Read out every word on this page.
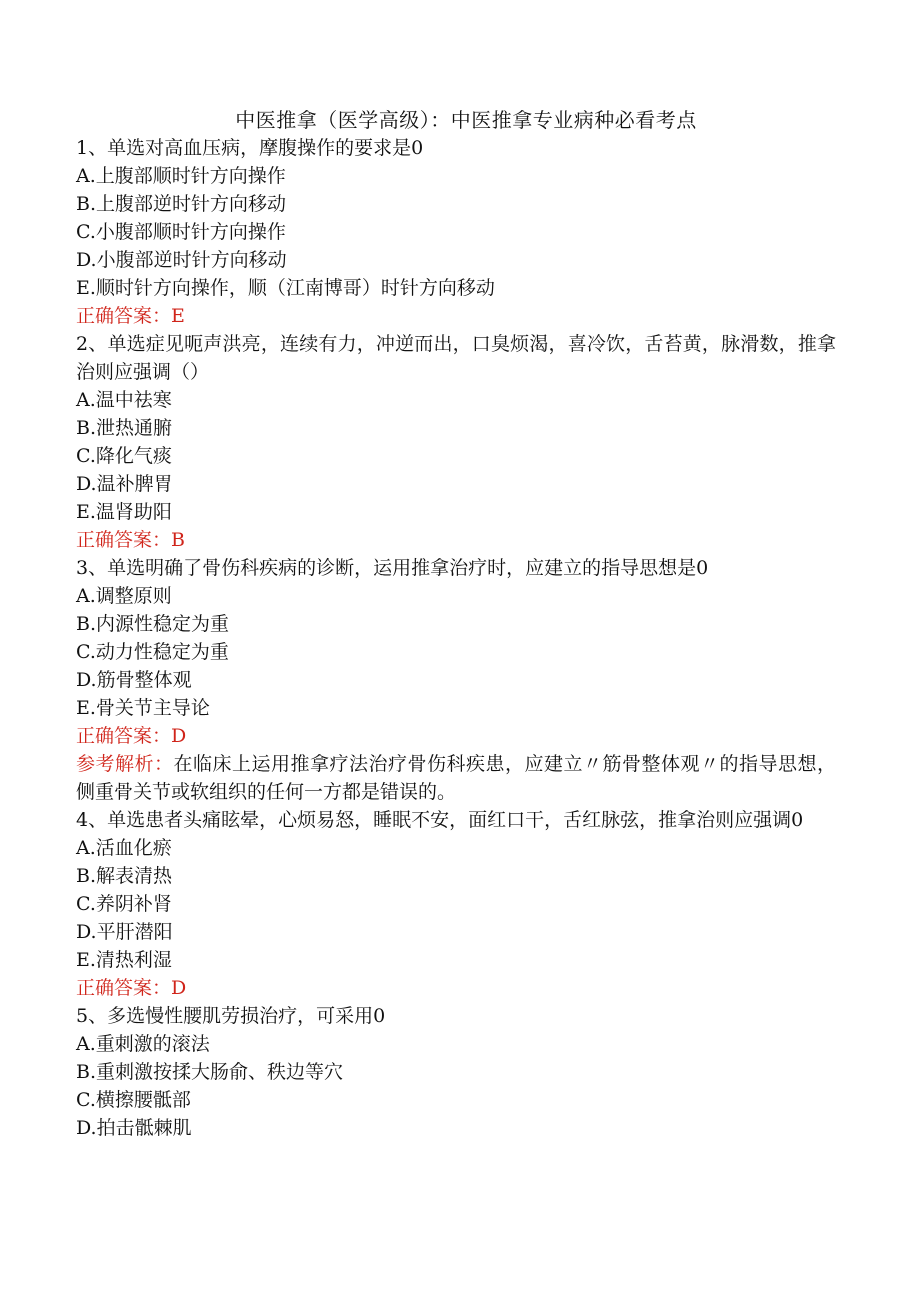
中医推拿（医学高级）：中医推拿专业病种必看考点
1、单选对高血压病，摩腹操作的要求是0
A.上腹部顺时针方向操作
B.上腹部逆时针方向移动
C.小腹部顺时针方向操作
D.小腹部逆时针方向移动
E.顺时针方向操作，顺（江南博哥）时针方向移动
正确答案：E
2、单选症见呃声洪亮，连续有力，冲逆而出，口臭烦渴，喜冷饮，舌苔黄，脉滑数，推拿治则应强调（）
A.温中祛寒
B.泄热通腑
C.降化气痰
D.温补脾胃
E.温肾助阳
正确答案：B
3、单选明确了骨伤科疾病的诊断，运用推拿治疗时，应建立的指导思想是0
A.调整原则
B.内源性稳定为重
C.动力性稳定为重
D.筋骨整体观
E.骨关节主导论
正确答案：D
参考解析：在临床上运用推拿疗法治疗骨伤科疾患，应建立〃筋骨整体观〃的指导思想，侧重骨关节或软组织的任何一方都是错误的。
4、单选患者头痛眩晕，心烦易怒，睡眠不安，面红口干，舌红脉弦，推拿治则应强调0
A.活血化瘀
B.解表清热
C.养阴补肾
D.平肝潜阳
E.清热利湿
正确答案：D
5、多选慢性腰肌劳损治疗，可采用0
A.重刺激的滚法
B.重刺激按揉大肠俞、秩边等穴
C.横擦腰骶部
D.拍击骶棘肌
